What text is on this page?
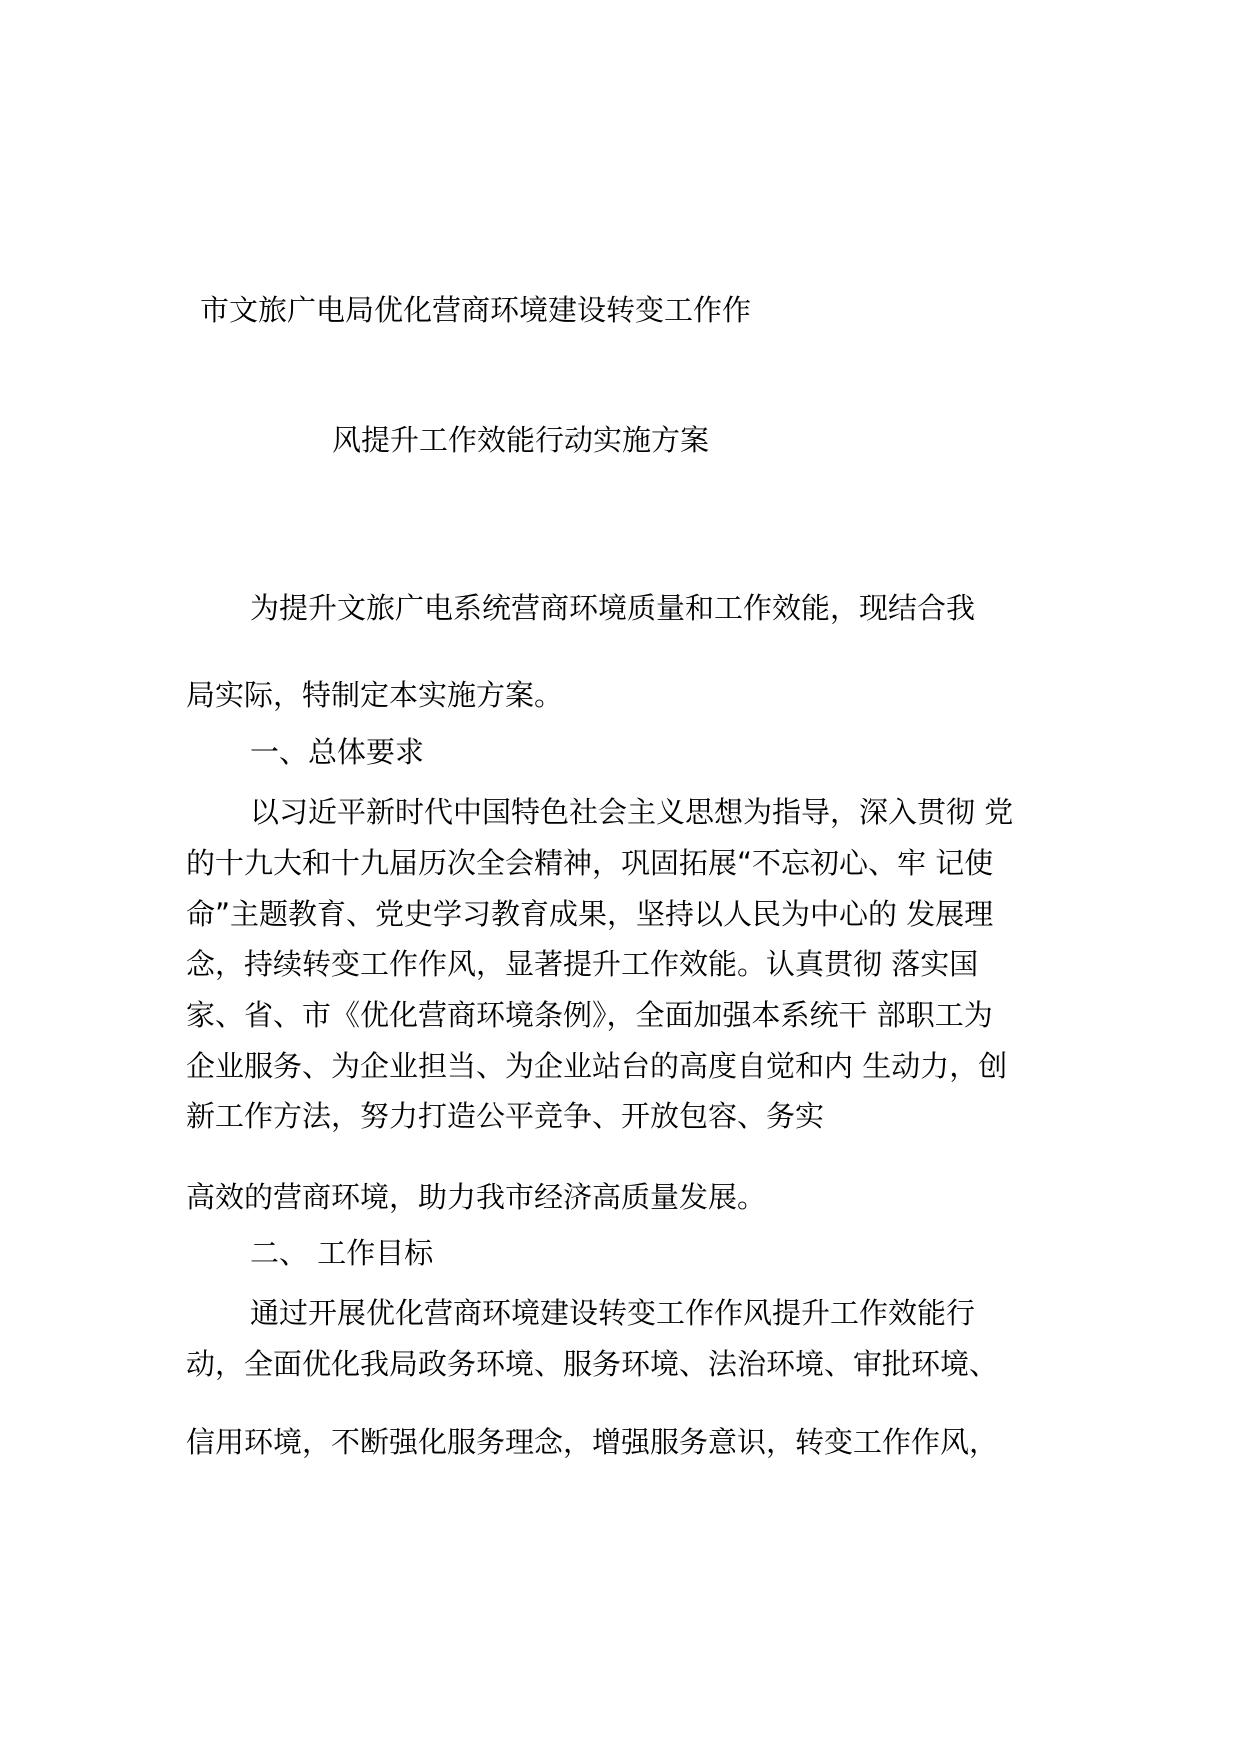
市文旅广电局优化营商环境建设转变工作作
风提升工作效能行动实施方案
为提升文旅广电系统营商环境质量和工作效能，现结合我
局实际，特制定本实施方案。
一、总体要求
以习近平新时代中国特色社会主义思想为指导，深入贯彻 党
的十九大和十九届历次全会精神，巩固拓展“不忘初心、牢 记使
命”主题教育、党史学习教育成果，坚持以人民为中心的 发展理
念，持续转变工作作风，显著提升工作效能。认真贯彻 落实国
家、省、市《优化营商环境条例》，全面加强本系统干 部职工为
企业服务、为企业担当、为企业站台的高度自觉和内 生动力，创
新工作方法，努力打造公平竞争、开放包容、务实
高效的营商环境，助力我市经济高质量发展。
二、 工作目标
通过开展优化营商环境建设转变工作作风提升工作效能行
动，全面优化我局政务环境、服务环境、法治环境、审批环境、
信用环境，不断强化服务理念，增强服务意识，转变工作作风，
